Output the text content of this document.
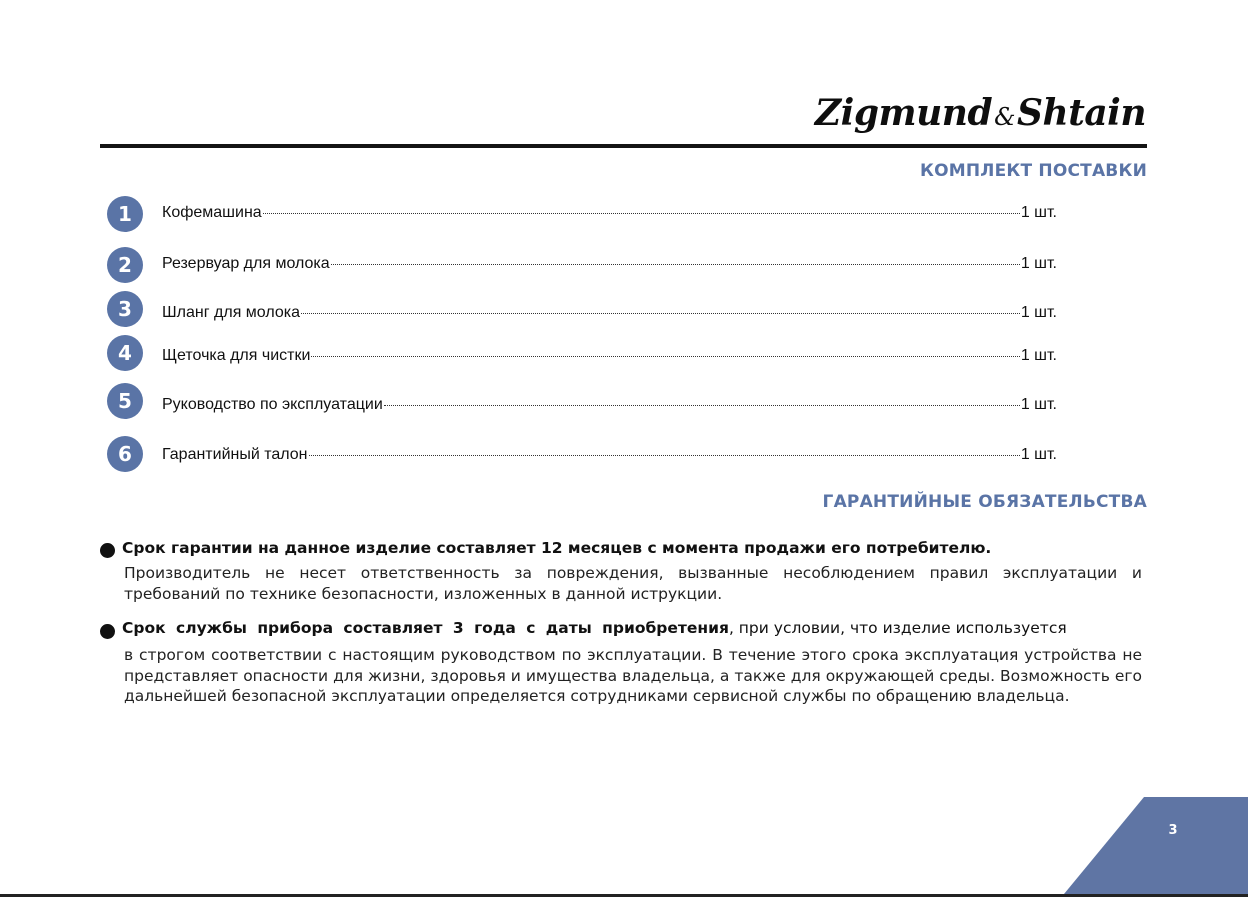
Zigmund&Shtain
КОМПЛЕКТ ПОСТАВКИ
1	Кофемашина	1 шт.
2	Резервуар для молока	1 шт.
3	Шланг для молока	1 шт.
4	Щеточка для чистки	1 шт.
5	Руководство по эксплуатации	1 шт.
6	Гарантийный талон	1 шт.
ГАРАНТИЙНЫЕ ОБЯЗАТЕЛЬСТВА
Срок гарантии на данное изделие составляет 12 месяцев с момента продажи его потребителю.
Производитель не несет ответственность за повреждения, вызванные несоблюдением правил эксплуатации и требований по технике безопасности, изложенных в данной иструкции.
Срок службы прибора составляет 3 года с даты приобретения, при условии, что изделие используется
в строгом соответствии с настоящим руководством по эксплуатации. В течение этого срока эксплуатация устройства не представляет опасности для жизни, здоровья и имущества владельца, а также для окружающей среды. Возможность его дальнейшей безопасной эксплуатации определяется сотрудниками сервисной службы по обращению владельца.
3
